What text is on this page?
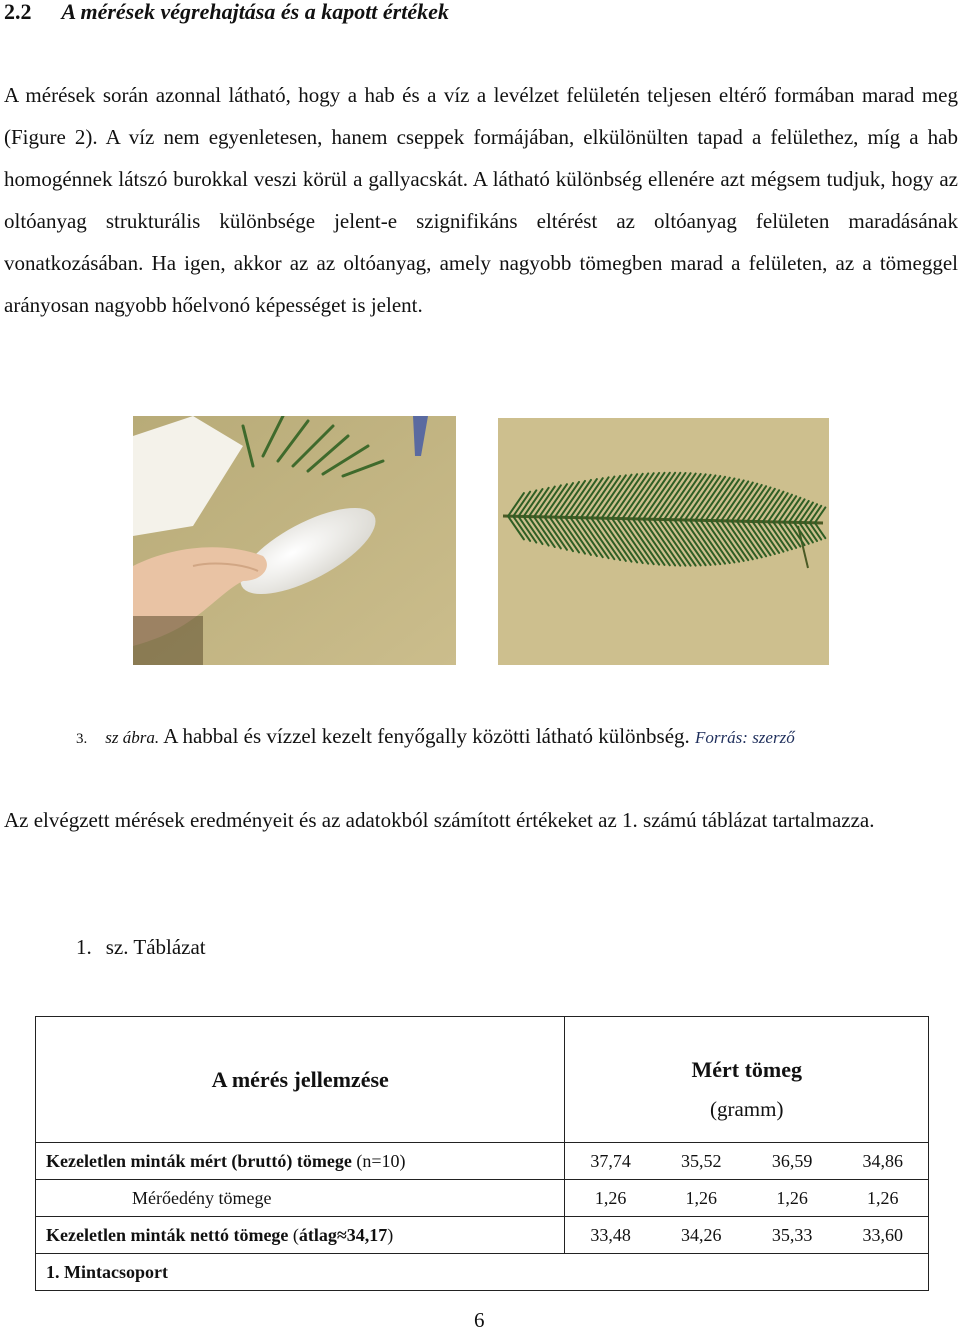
2.2 A mérések végrehajtása és a kapott értékek

A mérések során azonnal látható, hogy a hab és a víz a levélzet felületén teljesen eltérő formában marad meg (Figure 2). A víz nem egyenletesen, hanem cseppek formájában, elkülönülten tapad a felülethez, míg a hab homogénnek látszó burokkal veszi körül a gallyacskát. A látható különbség ellenére azt mégsem tudjuk, hogy az oltóanyag strukturális különbsége jelent-e szignifikáns eltérést az oltóanyag felületen maradásának vonatkozásában. Ha igen, akkor az az oltóanyag, amely nagyobb tömegben marad a felületen, az a tömeggel arányosan nagyobb hőelvonó képességet is jelent.

3. sz ábra. A habbal és vízzel kezelt fenyőgally közötti látható különbség. Forrás: szerző

Az elvégzett mérések eredményeit és az adatokból számított értékeket az 1. számú táblázat tartalmazza.

1. sz. Táblázat

A mérés jellemzése	Mért tömeg
(gramm)			

Kezeletlen minták mért (bruttó) tömege (n=10)	37,74	35,52	36,59	34,86
Mérőedény tömege	1,26	1,26	1,26	1,26
Kezeletlen minták nettó tömege (átlag≈34,17)	33,48	34,26	35,33	33,60
1. Mintacsoport				

6
